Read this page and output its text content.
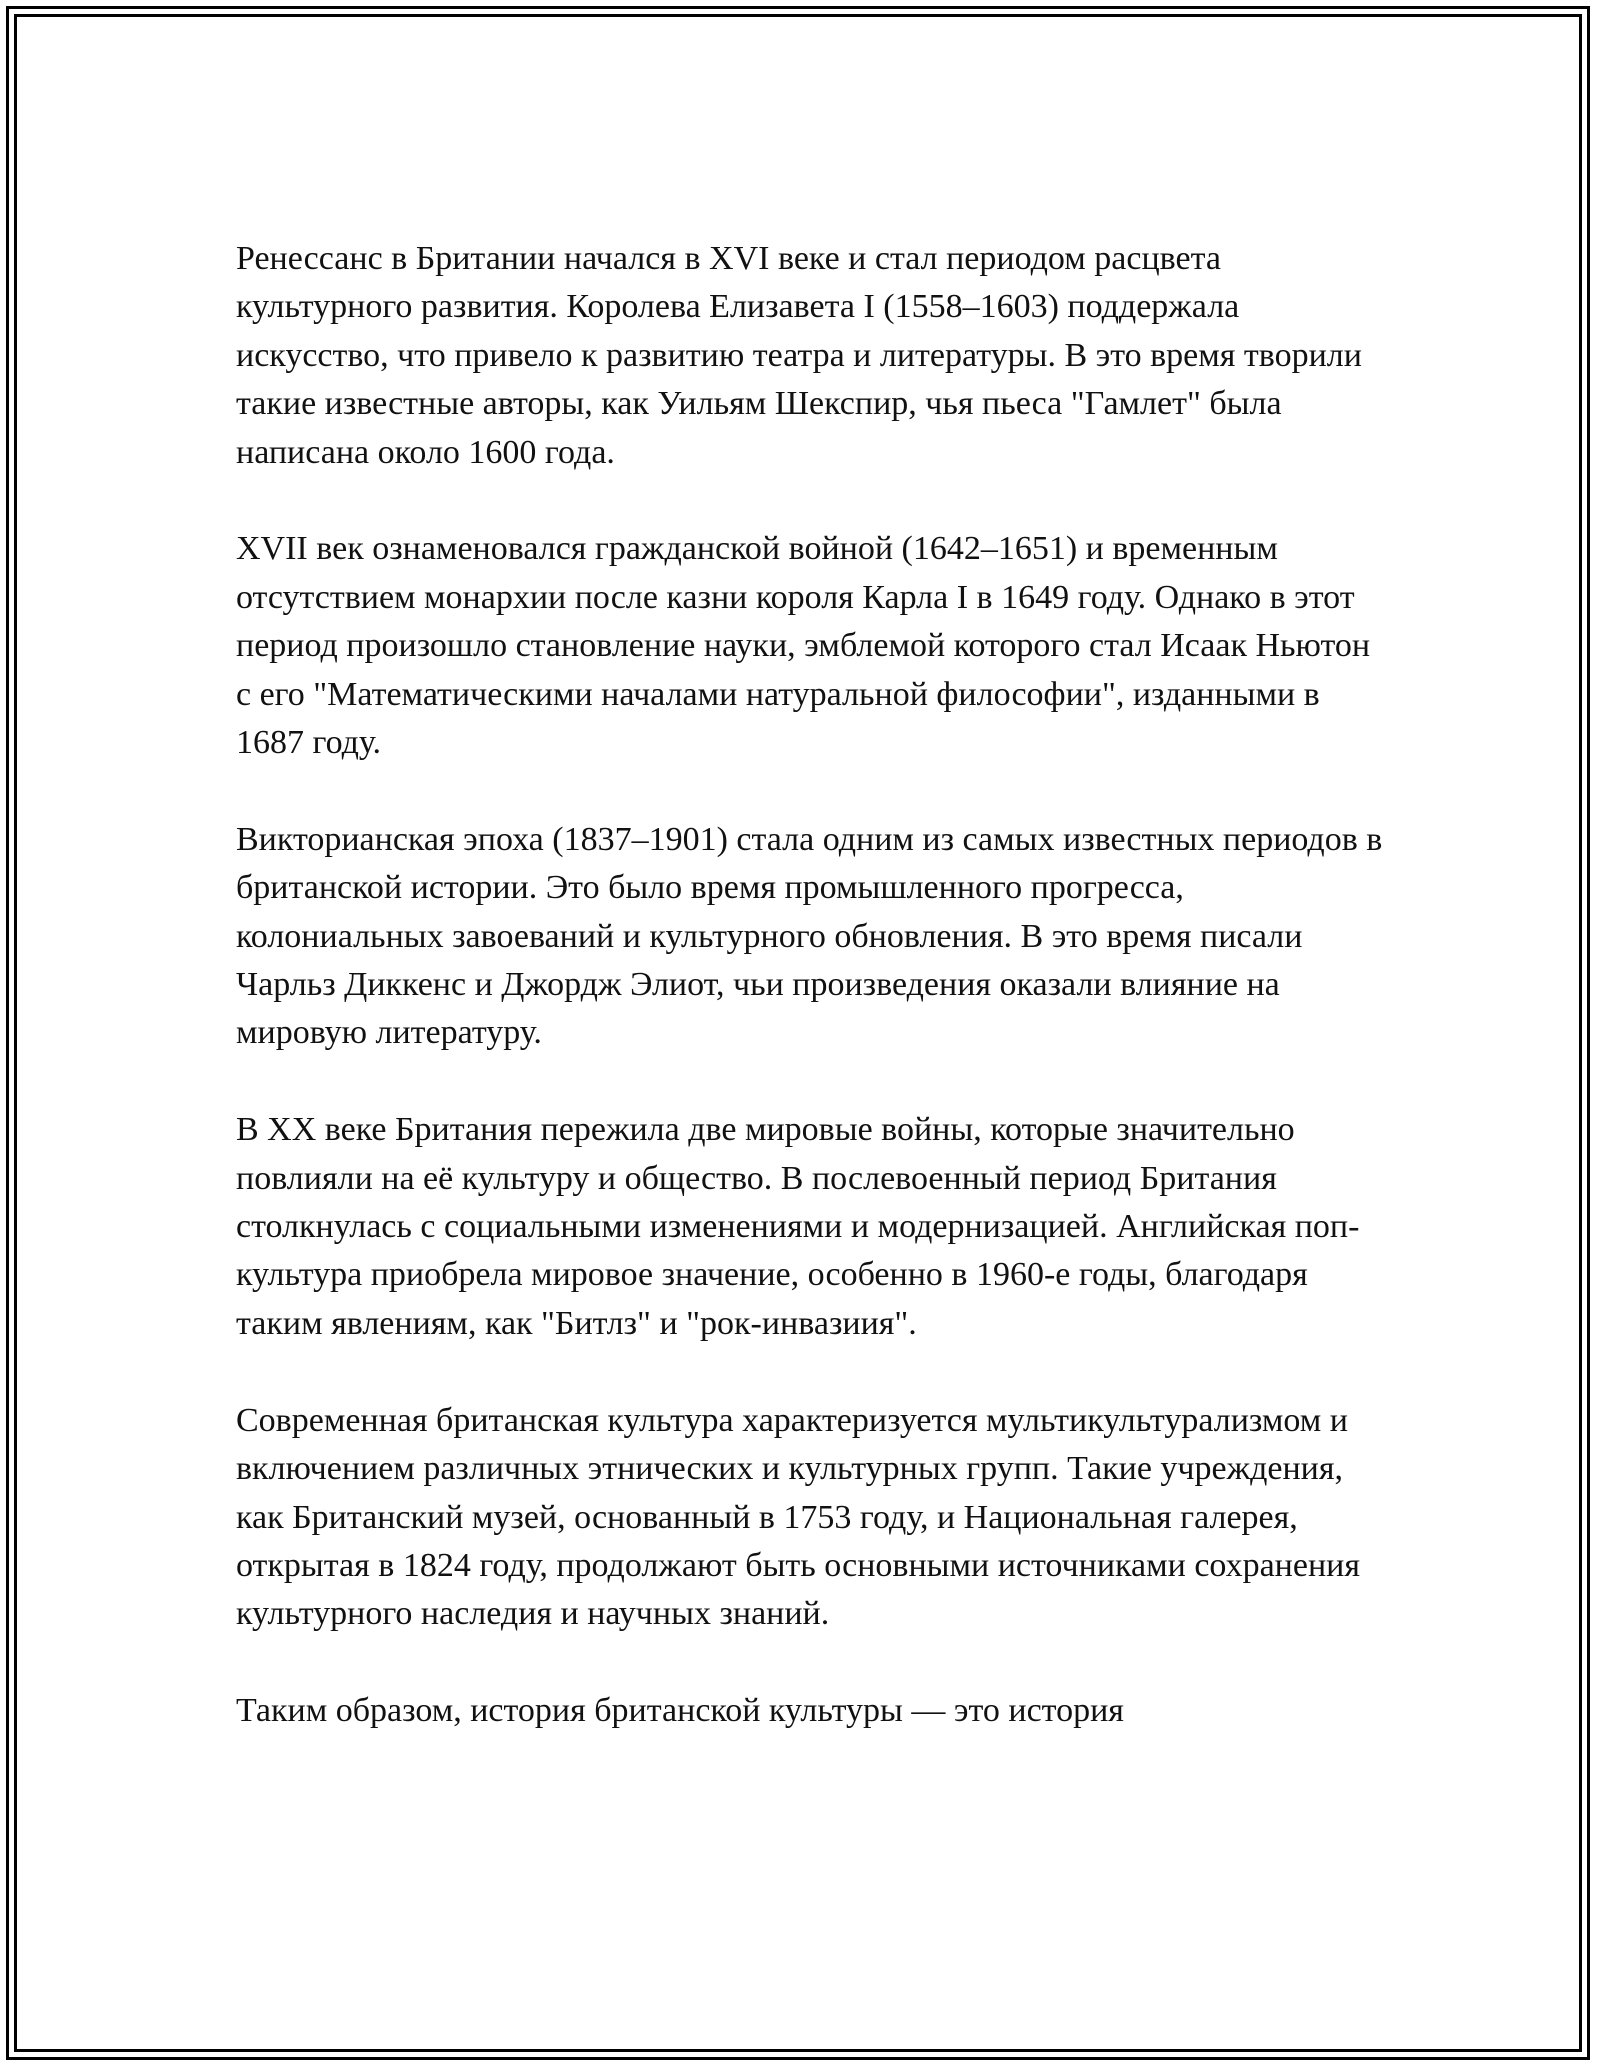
Ренессанс в Британии начался в XVI веке и стал периодом расцвета культурного развития. Королева Елизавета I (1558–1603) поддержала искусство, что привело к развитию театра и литературы. В это время творили такие известные авторы, как Уильям Шекспир, чья пьеса "Гамлет" была написана около 1600 года.

XVII век ознаменовался гражданской войной (1642–1651) и временным отсутствием монархии после казни короля Карла I в 1649 году. Однако в этот период произошло становление науки, эмблемой которого стал Исаак Ньютон с его "Математическими началами натуральной философии", изданными в 1687 году.

Викторианская эпоха (1837–1901) стала одним из самых известных периодов в британской истории. Это было время промышленного прогресса, колониальных завоеваний и культурного обновления. В это время писали Чарльз Диккенс и Джордж Элиот, чьи произведения оказали влияние на мировую литературу.

В XX веке Британия пережила две мировые войны, которые значительно повлияли на её культуру и общество. В послевоенный период Британия столкнулась с социальными изменениями и модернизацией. Английская поп-культура приобрела мировое значение, особенно в 1960-е годы, благодаря таким явлениям, как "Битлз" и "рок-инвазиия".

Современная британская культура характеризуется мультикультурализмом и включением различных этнических и культурных групп. Такие учреждения, как Британский музей, основанный в 1753 году, и Национальная галерея, открытая в 1824 году, продолжают быть основными источниками сохранения культурного наследия и научных знаний.

Таким образом, история британской культуры — это история
